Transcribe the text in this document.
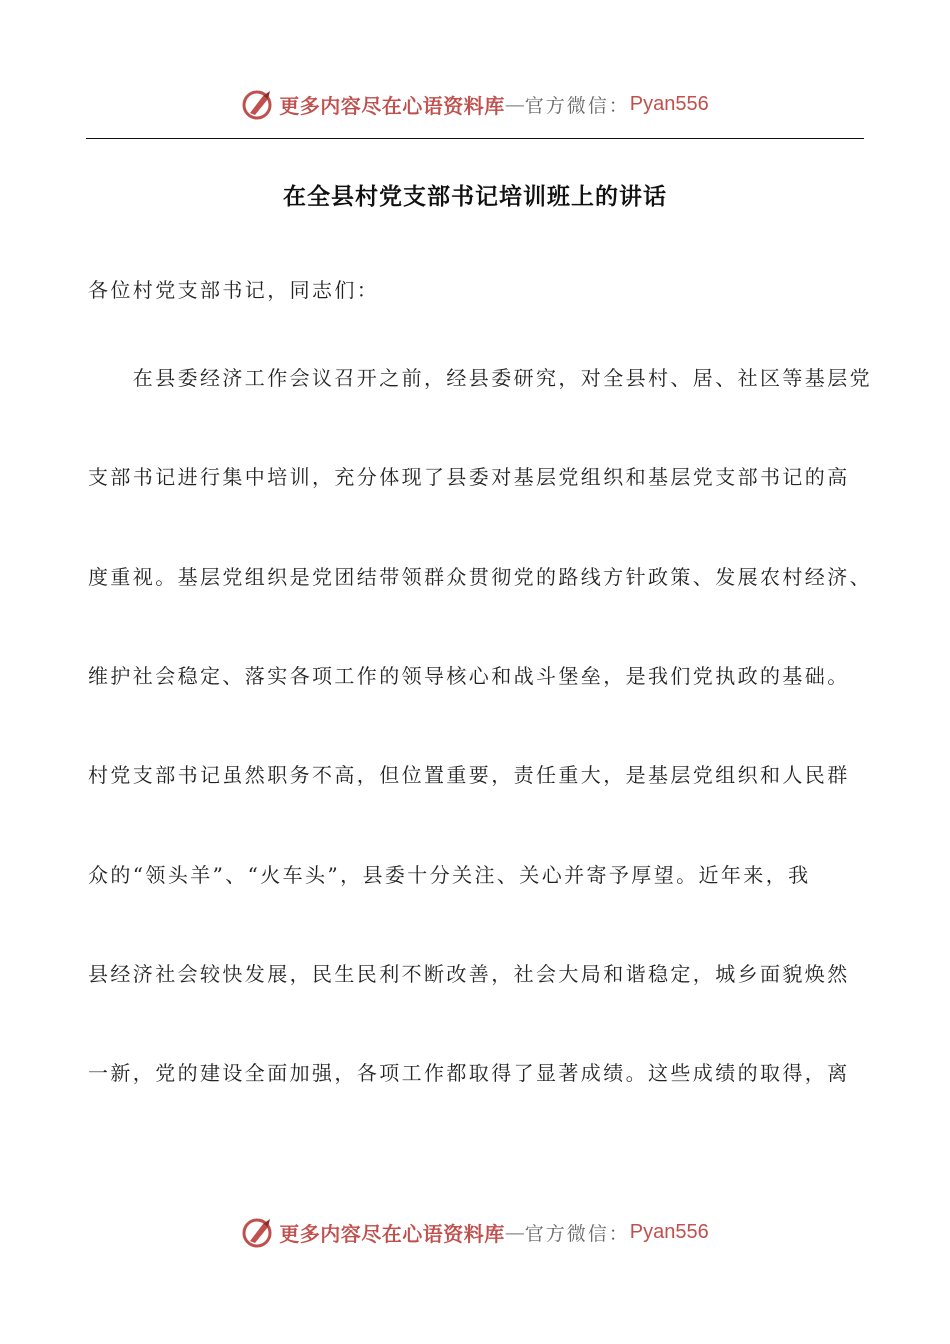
更多内容尽在心语资料库 — 官方微信： Pyan556
在全县村党支部书记培训班上的讲话
各位村党支部书记，同志们：
　　在县委经济工作会议召开之前，经县委研究，对全县村、居、社区等基层党
支部书记进行集中培训，充分体现了县委对基层党组织和基层党支部书记的高
度重视。基层党组织是党团结带领群众贯彻党的路线方针政策、发展农村经济、
维护社会稳定、落实各项工作的领导核心和战斗堡垒，是我们党执政的基础。
村党支部书记虽然职务不高，但位置重要，责任重大，是基层党组织和人民群
众的“领头羊”、“火车头”，县委十分关注、关心并寄予厚望。近年来，我
县经济社会较快发展，民生民利不断改善，社会大局和谐稳定，城乡面貌焕然
一新，党的建设全面加强，各项工作都取得了显著成绩。这些成绩的取得，离
更多内容尽在心语资料库 — 官方微信： Pyan556
